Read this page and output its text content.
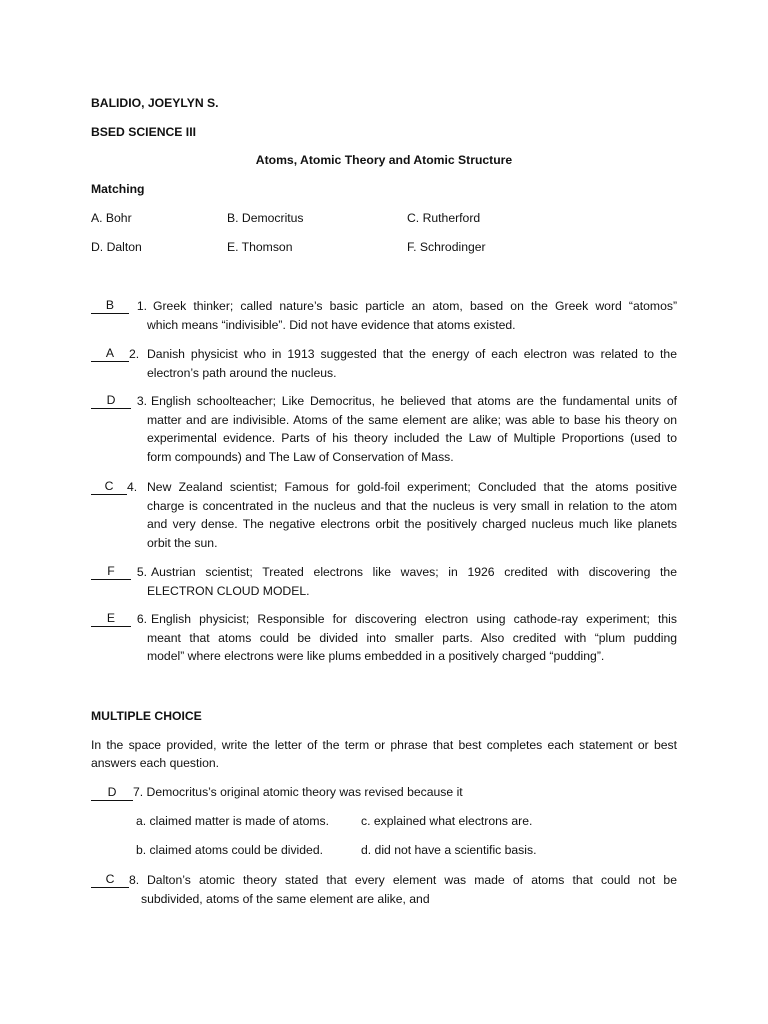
BALIDIO, JOEYLYN S.
BSED SCIENCE III
Atoms, Atomic Theory and Atomic Structure
Matching
A. Bohr	B. Democritus	C. Rutherford
D. Dalton	E. Thomson	F. Schrodinger
B	1. Greek thinker; called nature’s basic particle an atom, based on the Greek word “atomos”
which means “indivisible”. Did not have evidence that atoms existed.
A	2. Danish physicist who in 1913 suggested that the energy of each electron was related to the
electron’s path around the nucleus.
D	3. English schoolteacher; Like Democritus, he believed that atoms are the fundamental units of
matter and are indivisible. Atoms of the same element are alike; was able to base his theory on
experimental evidence. Parts of his theory included the Law of Multiple Proportions (used to
form compounds) and The Law of Conservation of Mass.
C	4. New Zealand scientist; Famous for gold-foil experiment; Concluded that the atoms positive
charge is concentrated in the nucleus and that the nucleus is very small in relation to the atom
and very dense. The negative electrons orbit the positively charged nucleus much like planets
orbit the sun.
F	5. Austrian scientist; Treated electrons like waves; in 1926 credited with discovering the
ELECTRON CLOUD MODEL.
E	6. English physicist; Responsible for discovering electron using cathode-ray experiment; this
meant that atoms could be divided into smaller parts. Also credited with “plum pudding
model” where electrons were like plums embedded in a positively charged “pudding”.
MULTIPLE CHOICE
In the space provided, write the letter of the term or phrase that best completes each statement or best
answers each question.
D	7. Democritus’s original atomic theory was revised because it
a. claimed matter is made of atoms.	c. explained what electrons are.
b. claimed atoms could be divided.	d. did not have a scientific basis.
C	8. Dalton’s atomic theory stated that every element was made of atoms that could not be
subdivided, atoms of the same element are alike, and
